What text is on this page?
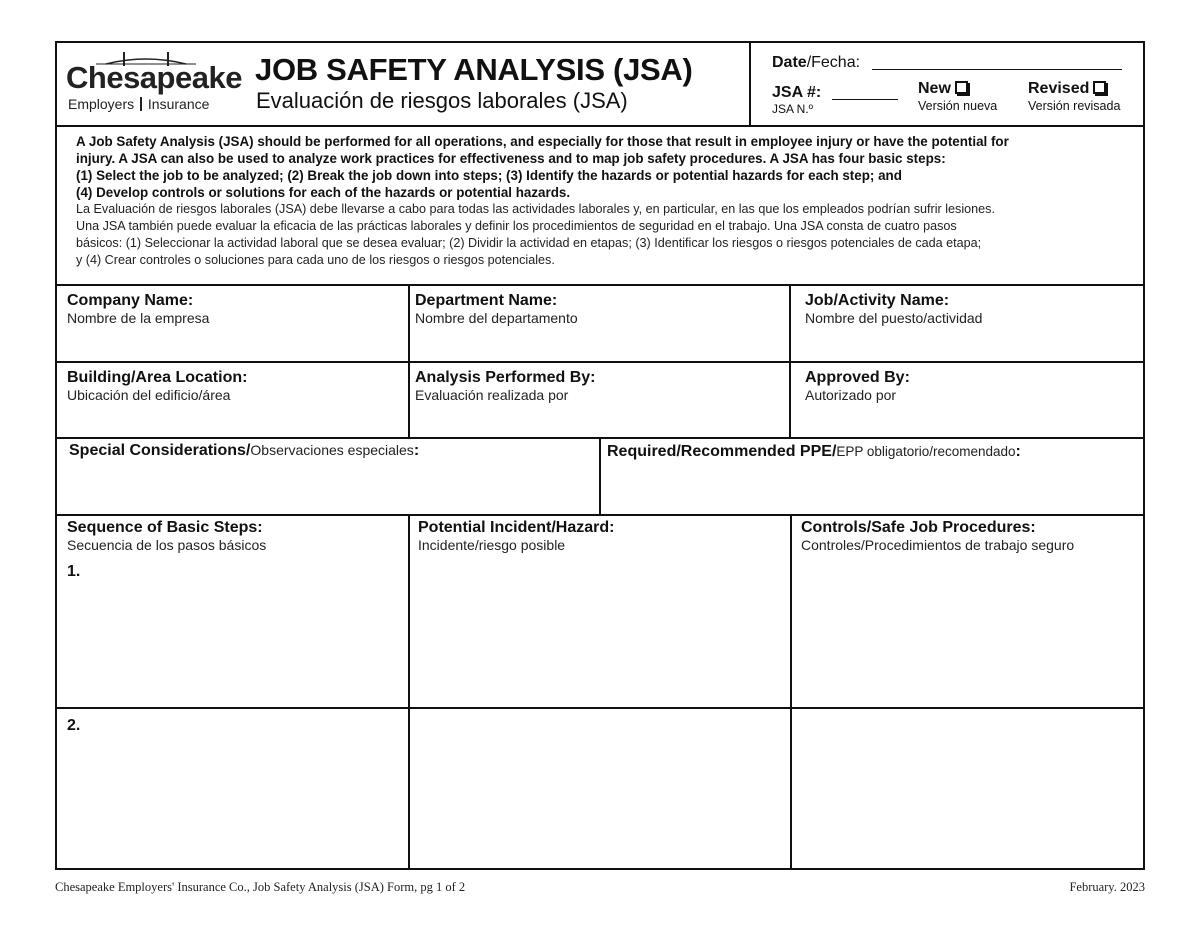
Chesapeake
Employers Insurance
JOB SAFETY ANALYSIS (JSA)
Evaluación de riesgos laborales (JSA)
Date/Fecha:
JSA #:
JSA N.º
New
Versión nueva
Revised
Versión revisada
A Job Safety Analysis (JSA) should be performed for all operations, and especially for those that result in employee injury or have the potential for
injury. A JSA can also be used to analyze work practices for effectiveness and to map job safety procedures. A JSA has four basic steps:
(1) Select the job to be analyzed; (2) Break the job down into steps; (3) Identify the hazards or potential hazards for each step; and
(4) Develop controls or solutions for each of the hazards or potential hazards.
La Evaluación de riesgos laborales (JSA) debe llevarse a cabo para todas las actividades laborales y, en particular, en las que los empleados podrían sufrir lesiones.
Una JSA también puede evaluar la eficacia de las prácticas laborales y definir los procedimientos de seguridad en el trabajo. Una JSA consta de cuatro pasos
básicos: (1) Seleccionar la actividad laboral que se desea evaluar; (2) Dividir la actividad en etapas; (3) Identificar los riesgos o riesgos potenciales de cada etapa;
y (4) Crear controles o soluciones para cada uno de los riesgos o riesgos potenciales.
Company Name:
Nombre de la empresa
Department Name:
Nombre del departamento
Job/Activity Name:
Nombre del puesto/actividad
Building/Area Location:
Ubicación del edificio/área
Analysis Performed By:
Evaluación realizada por
Approved By:
Autorizado por
Special Considerations/Observaciones especiales:	Required/Recommended PPE/EPP obligatorio/recomendado:
Sequence of Basic Steps:
Secuencia de los pasos básicos
Potential Incident/Hazard:
Incidente/riesgo posible
Controls/Safe Job Procedures:
Controles/Procedimientos de trabajo seguro
1.
2.
Chesapeake Employers' Insurance Co., Job Safety Analysis (JSA) Form, pg 1 of 2	February. 2023
